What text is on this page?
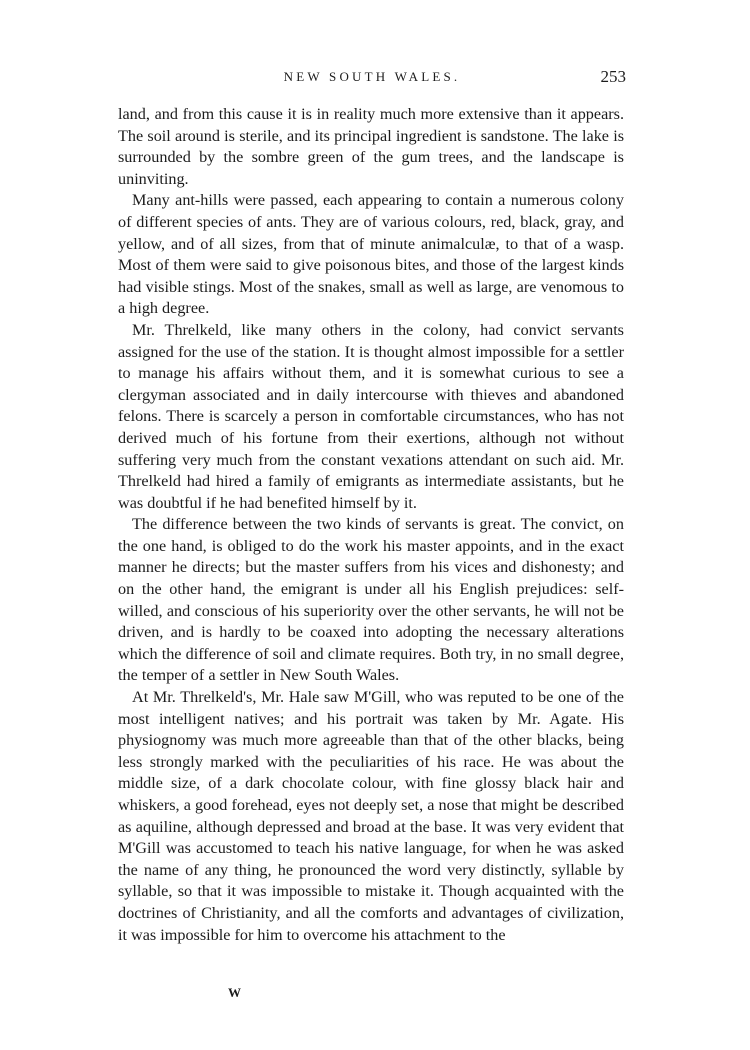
NEW SOUTH WALES.	253

land, and from this cause it is in reality much more extensive than it appears. The soil around is sterile, and its principal ingredient is sandstone. The lake is surrounded by the sombre green of the gum trees, and the landscape is uninviting.

Many ant-hills were passed, each appearing to contain a numerous colony of different species of ants. They are of various colours, red, black, gray, and yellow, and of all sizes, from that of minute animalculæ, to that of a wasp. Most of them were said to give poisonous bites, and those of the largest kinds had visible stings. Most of the snakes, small as well as large, are venomous to a high degree.

Mr. Threlkeld, like many others in the colony, had convict servants assigned for the use of the station. It is thought almost impossible for a settler to manage his affairs without them, and it is somewhat curious to see a clergyman associated and in daily intercourse with thieves and abandoned felons. There is scarcely a person in comfortable circumstances, who has not derived much of his fortune from their exertions, although not without suffering very much from the constant vexations attendant on such aid. Mr. Threlkeld had hired a family of emigrants as intermediate assistants, but he was doubtful if he had benefited himself by it.

The difference between the two kinds of servants is great. The convict, on the one hand, is obliged to do the work his master appoints, and in the exact manner he directs; but the master suffers from his vices and dishonesty; and on the other hand, the emigrant is under all his English prejudices: self-willed, and conscious of his superiority over the other servants, he will not be driven, and is hardly to be coaxed into adopting the necessary alterations which the difference of soil and climate requires. Both try, in no small degree, the temper of a settler in New South Wales.

At Mr. Threlkeld's, Mr. Hale saw M'Gill, who was reputed to be one of the most intelligent natives; and his portrait was taken by Mr. Agate. His physiognomy was much more agreeable than that of the other blacks, being less strongly marked with the peculiarities of his race. He was about the middle size, of a dark chocolate colour, with fine glossy black hair and whiskers, a good forehead, eyes not deeply set, a nose that might be described as aquiline, although depressed and broad at the base. It was very evident that M'Gill was accustomed to teach his native language, for when he was asked the name of any thing, he pronounced the word very distinctly, syllable by syllable, so that it was impossible to mistake it. Though acquainted with the doctrines of Christianity, and all the comforts and advantages of civilization, it was impossible for him to overcome his attachment to the

W
